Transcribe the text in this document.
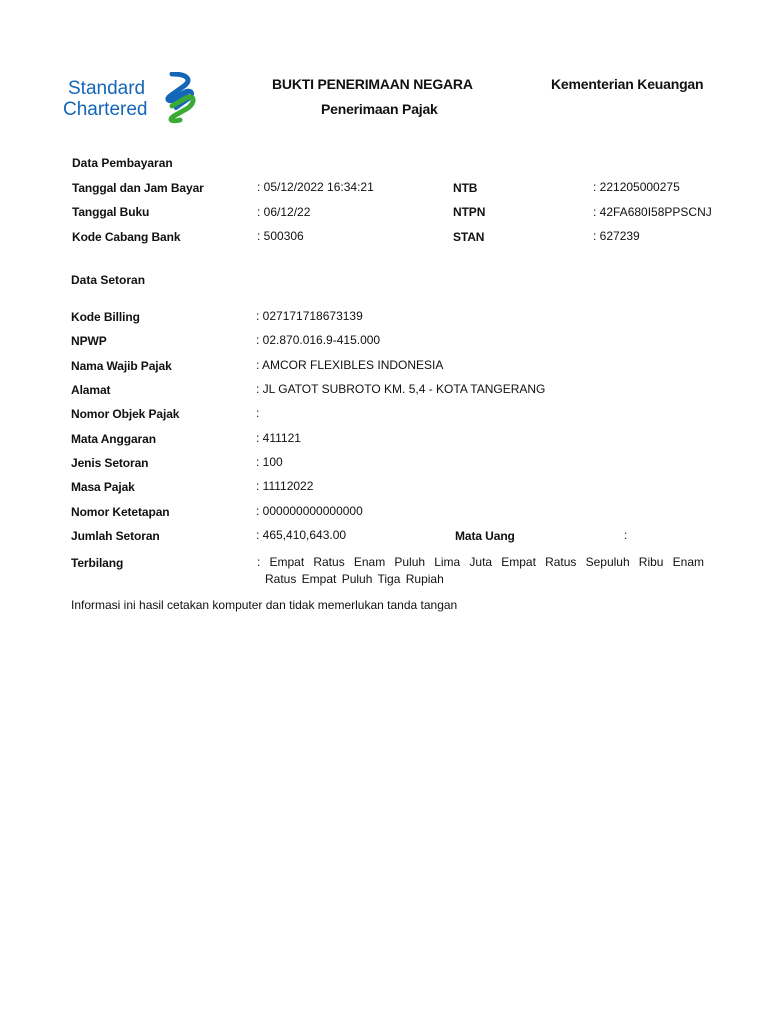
Standard
Chartered
BUKTI PENERIMAAN NEGARA
Penerimaan Pajak
Kementerian Keuangan
Data Pembayaran
Tanggal dan Jam Bayar	: 05/12/2022 16:34:21	NTB	: 221205000275
Tanggal Buku	: 06/12/22	NTPN	: 42FA680I58PPSCNJ
Kode Cabang Bank	: 500306	STAN	: 627239
Data Setoran
Kode Billing	: 027171718673139
NPWP	: 02.870.016.9-415.000
Nama Wajib Pajak	: AMCOR FLEXIBLES INDONESIA
Alamat	: JL GATOT SUBROTO KM. 5,4 - KOTA TANGERANG
Nomor Objek Pajak	:
Mata Anggaran	: 411121
Jenis Setoran	: 100
Masa Pajak	: 11112022
Nomor Ketetapan	: 000000000000000
Jumlah Setoran	: 465,410,643.00	Mata Uang	:
Terbilang	: Empat Ratus Enam Puluh Lima Juta Empat Ratus Sepuluh Ribu Enam
Ratus Empat Puluh Tiga Rupiah
Informasi ini hasil cetakan komputer dan tidak memerlukan tanda tangan
